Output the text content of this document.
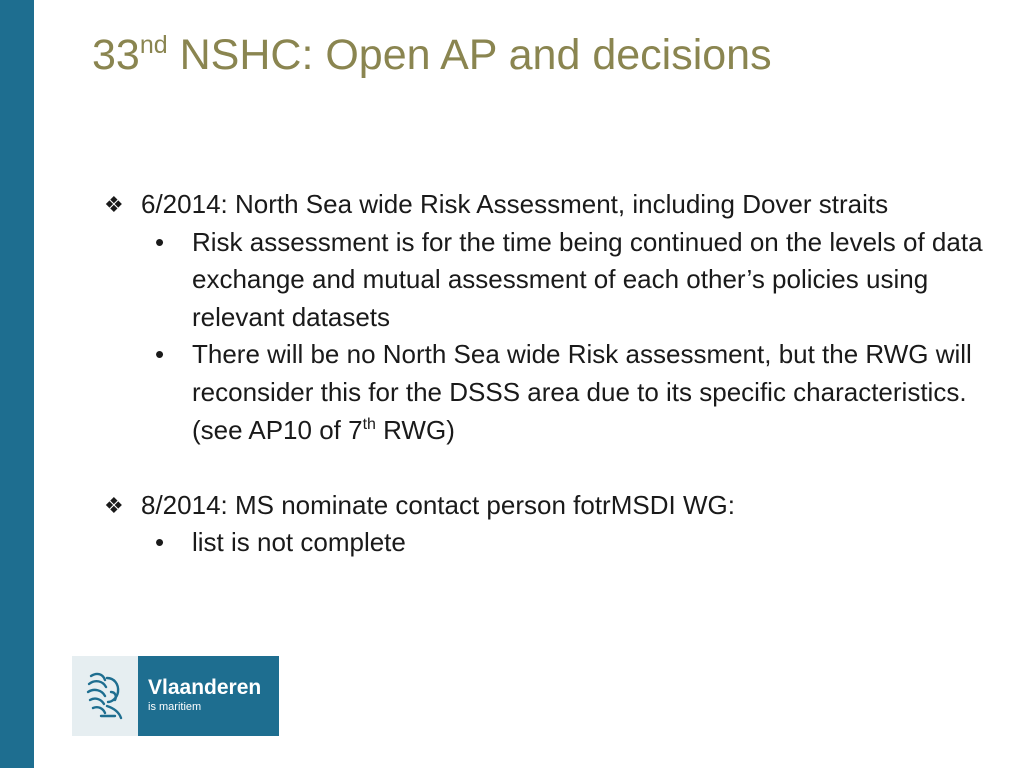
33nd NSHC: Open AP and decisions
❖ 6/2014: North Sea wide Risk Assessment, including Dover straits
• Risk assessment is for the time being continued on the levels of data exchange and mutual assessment of each other’s policies using relevant datasets
• There will be no North Sea wide Risk assessment, but the RWG will reconsider this for the DSSS area due to its specific characteristics. (see AP10 of 7th RWG)
❖ 8/2014: MS nominate contact person fotrMSDI WG:
• list is not complete
Vlaanderen
is maritiem
